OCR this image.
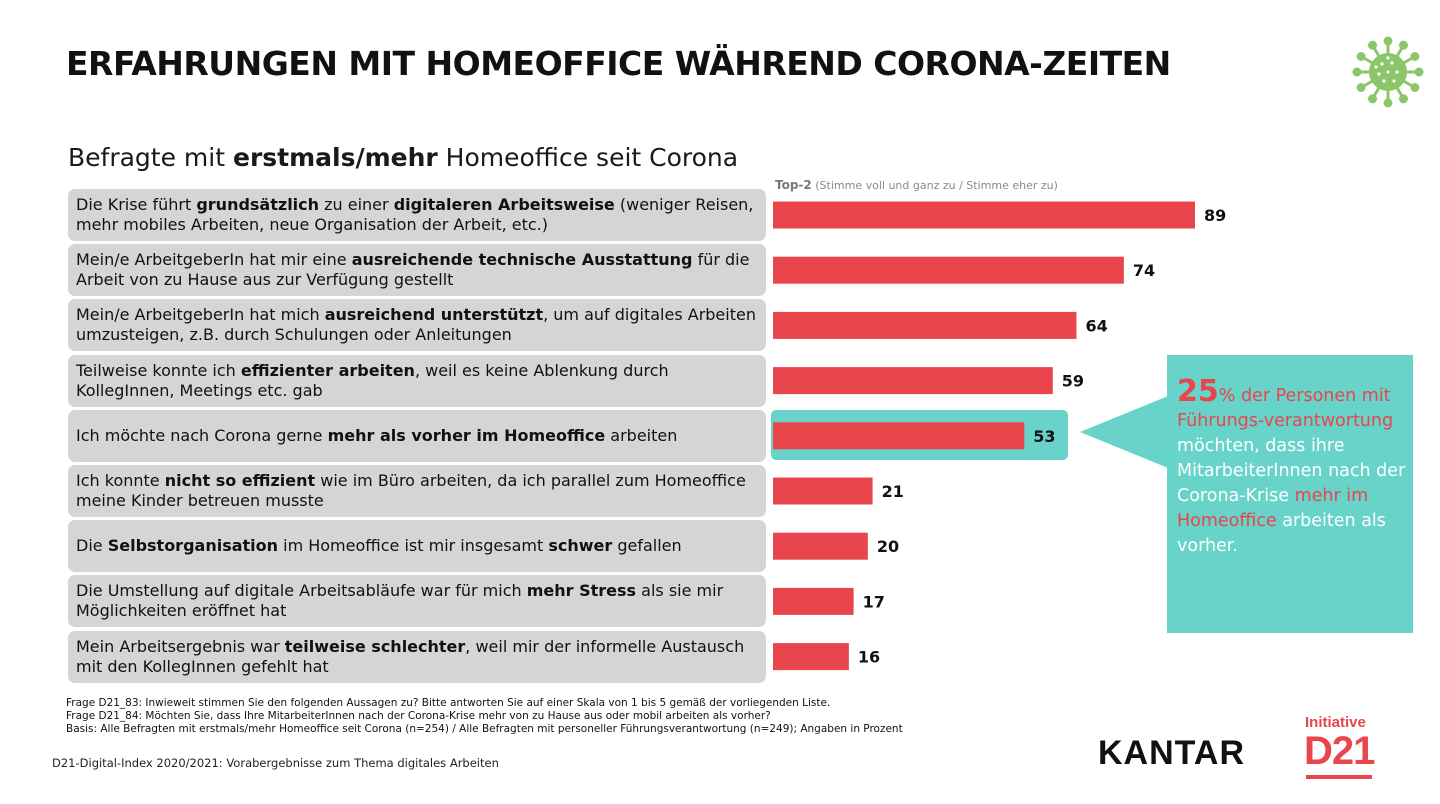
ERFAHRUNGEN MIT HOMEOFFICE WÄHREND CORONA-ZEITEN
Befragte mit erstmals/mehr Homeoffice seit Corona
Top-2 (Stimme voll und ganz zu / Stimme eher zu)
Die Krise führt grundsätzlich zu einer digitaleren Arbeitsweise (weniger Reisen, mehr mobiles Arbeiten, neue Organisation der Arbeit, etc.)
Mein/e ArbeitgeberIn hat mir eine ausreichende technische Ausstattung für die Arbeit von zu Hause aus zur Verfügung gestellt
Mein/e ArbeitgeberIn hat mich ausreichend unterstützt, um auf digitales Arbeiten umzusteigen, z.B. durch Schulungen oder Anleitungen
Teilweise konnte ich effizienter arbeiten, weil es keine Ablenkung durch KollegInnen, Meetings etc. gab
Ich möchte nach Corona gerne mehr als vorher im Homeoffice arbeiten
Ich konnte nicht so effizient wie im Büro arbeiten, da ich parallel zum Homeoffice meine Kinder betreuen musste
Die Selbstorganisation im Homeoffice ist mir insgesamt schwer gefallen
Die Umstellung auf digitale Arbeitsabläufe war für mich mehr Stress als sie mir Möglichkeiten eröffnet hat
Mein Arbeitsergebnis war teilweise schlechter, weil mir der informelle Austausch mit den KollegInnen gefehlt hat
89
74
64
59
53
21
20
17
16
25% der Personen mit Führungs-verantwortung möchten, dass ihre MitarbeiterInnen nach der Corona-Krise mehr im Homeoffice arbeiten als vorher.
Frage D21_83: Inwieweit stimmen Sie den folgenden Aussagen zu? Bitte antworten Sie auf einer Skala von 1 bis 5 gemäß der vorliegenden Liste.
Frage D21_84: Möchten Sie, dass Ihre MitarbeiterInnen nach der Corona-Krise mehr von zu Hause aus oder mobil arbeiten als vorher?
Basis: Alle Befragten mit erstmals/mehr Homeoffice seit Corona (n=254) / Alle Befragten mit personeller Führungsverantwortung (n=249); Angaben in Prozent
D21-Digital-Index 2020/2021: Vorabergebnisse zum Thema digitales Arbeiten	KANTAR
Initiative
D21
